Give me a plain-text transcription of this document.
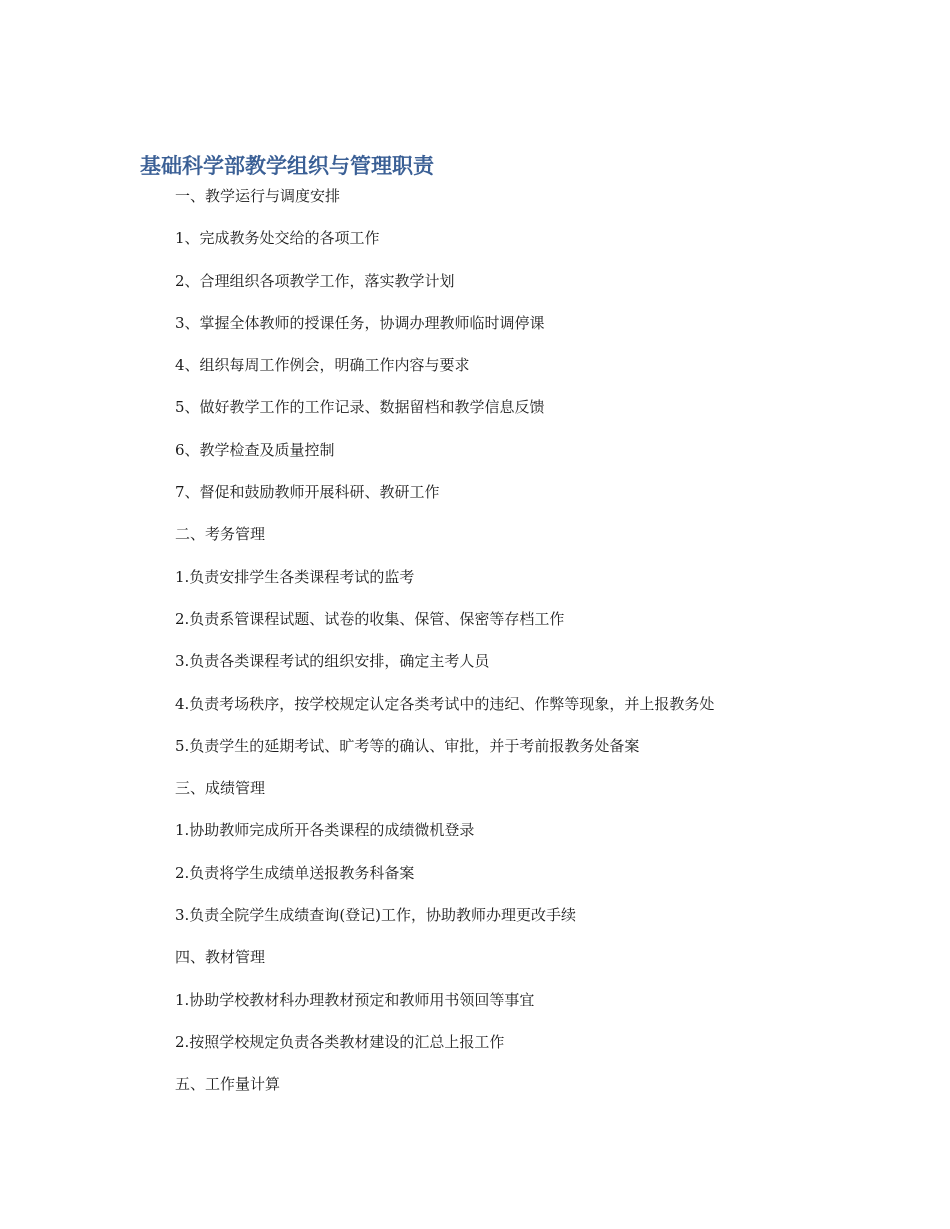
基础科学部教学组织与管理职责
一、教学运行与调度安排
1、完成教务处交给的各项工作
2、合理组织各项教学工作，落实教学计划
3、掌握全体教师的授课任务，协调办理教师临时调停课
4、组织每周工作例会，明确工作内容与要求
5、做好教学工作的工作记录、数据留档和教学信息反馈
6、教学检查及质量控制
7、督促和鼓励教师开展科研、教研工作
二、考务管理
1.负责安排学生各类课程考试的监考
2.负责系管课程试题、试卷的收集、保管、保密等存档工作
3.负责各类课程考试的组织安排，确定主考人员
4.负责考场秩序，按学校规定认定各类考试中的违纪、作弊等现象，并上报教务处
5.负责学生的延期考试、旷考等的确认、审批，并于考前报教务处备案
三、成绩管理
1.协助教师完成所开各类课程的成绩微机登录
2.负责将学生成绩单送报教务科备案
3.负责全院学生成绩查询(登记)工作，协助教师办理更改手续
四、教材管理
1.协助学校教材科办理教材预定和教师用书领回等事宜
2.按照学校规定负责各类教材建设的汇总上报工作
五、工作量计算
